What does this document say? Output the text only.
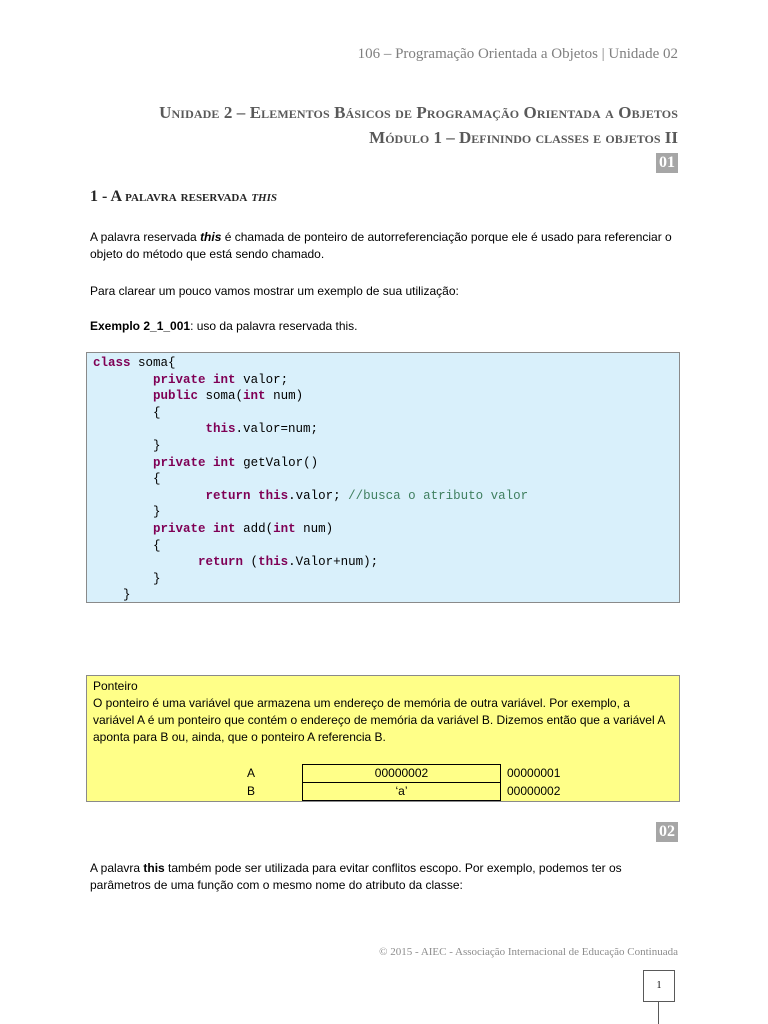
106 – Programação Orientada a Objetos | Unidade 02
Unidade 2 – Elementos Básicos de Programação Orientada a Objetos
Módulo 1 – Definindo classes e objetos II
01
1 - A palavra reservada this
A palavra reservada this é chamada de ponteiro de autorreferenciação porque ele é usado para referenciar o objeto do método que está sendo chamado.
Para clarear um pouco vamos mostrar um exemplo de sua utilização:
Exemplo 2_1_001: uso da palavra reservada this.
class soma{
private int valor;
public soma(int num)
{
this.valor=num;
}
private int getValor()
{
return this.valor; //busca o atributo valor
}
private int add(int num)
{
return (this.Valor+num);
}
}
Ponteiro
O ponteiro é uma variável que armazena um endereço de memória de outra variável. Por exemplo, a variável A é um ponteiro que contém o endereço de memória da variável B. Dizemos então que a variável A aponta para B ou, ainda, que o ponteiro A referencia B.
A	00000002	00000001
B	‘a’	00000002
02
A palavra this também pode ser utilizada para evitar conflitos escopo. Por exemplo, podemos ter os parâmetros de uma função com o mesmo nome do atributo da classe:
© 2015 - AIEC - Associação Internacional de Educação Continuada
1
